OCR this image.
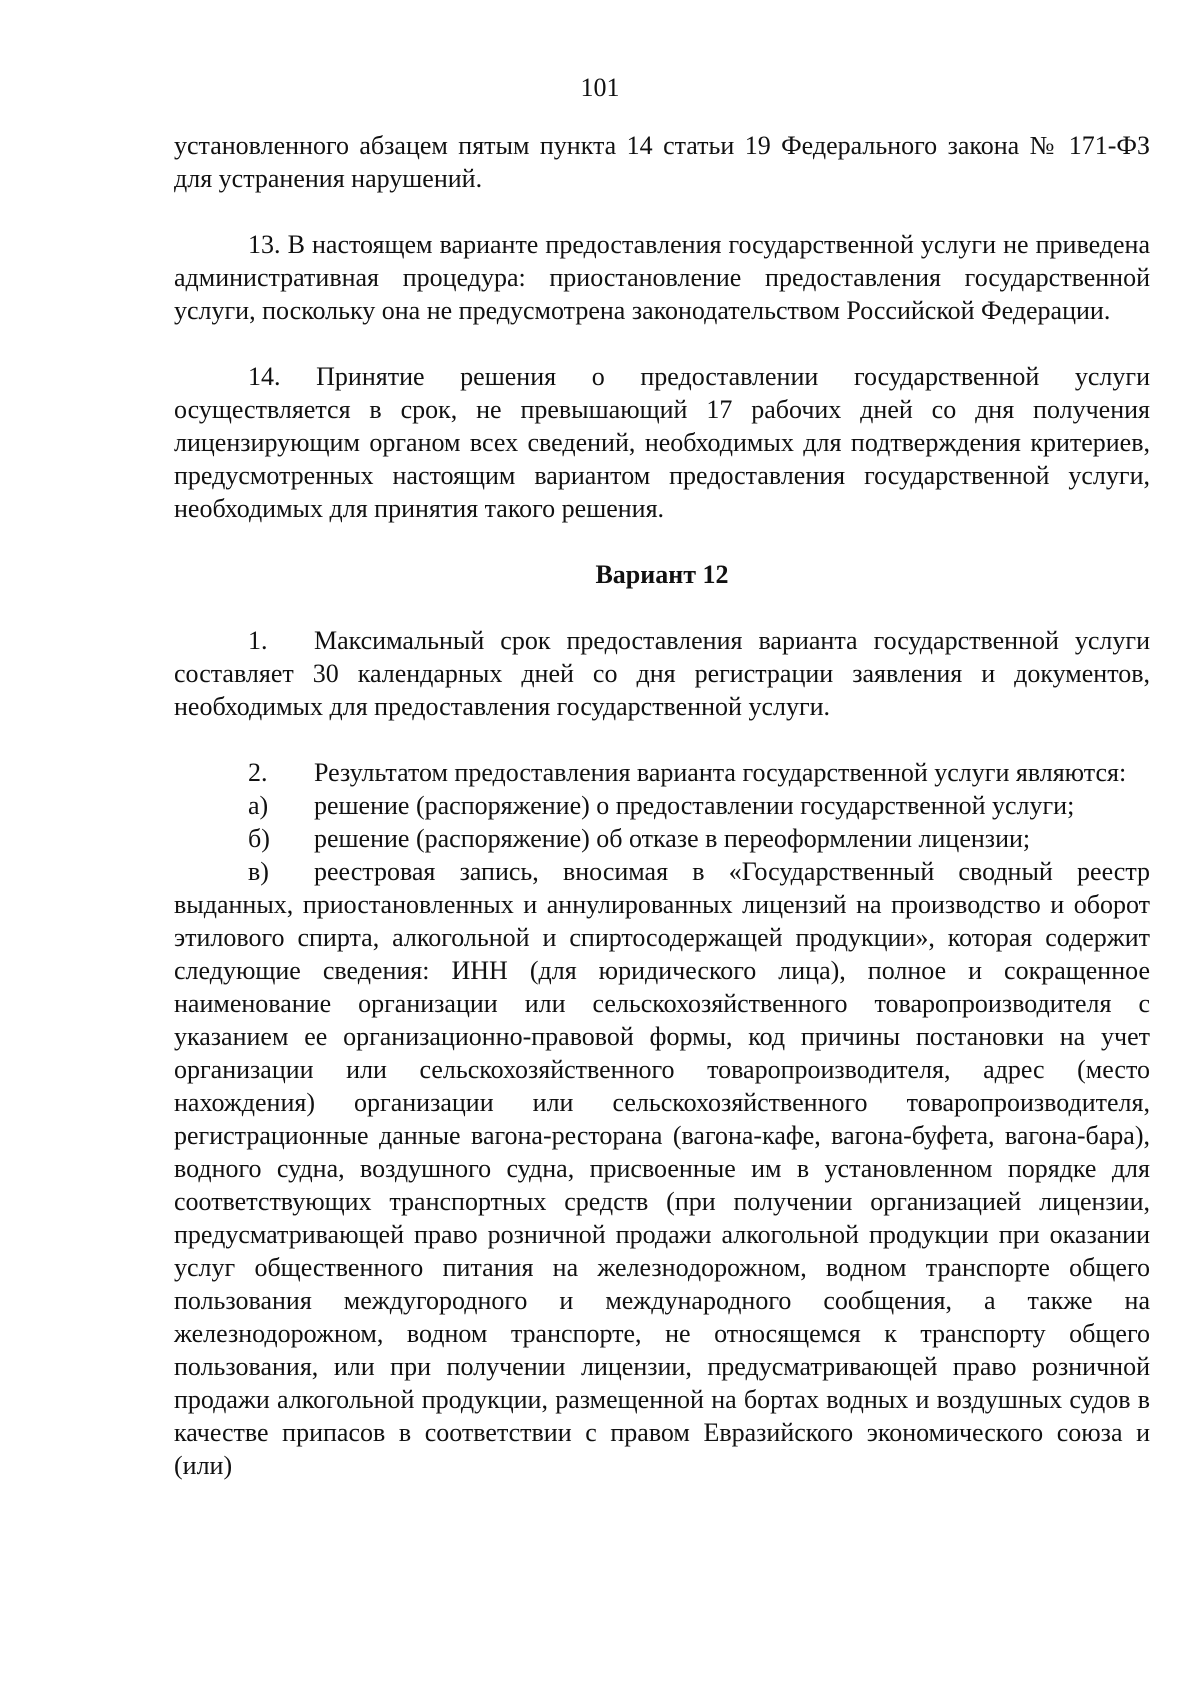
101

установленного абзацем пятым пункта 14 статьи 19 Федерального закона № 171-ФЗ для устранения нарушений.

13. В настоящем варианте предоставления государственной услуги не приведена административная процедура: приостановление предоставления государственной услуги, поскольку она не предусмотрена законодательством Российской Федерации.

14. Принятие решения о предоставлении государственной услуги осуществляется в срок, не превышающий 17 рабочих дней со дня получения лицензирующим органом всех сведений, необходимых для подтверждения критериев, предусмотренных настоящим вариантом предоставления государственной услуги, необходимых для принятия такого решения.

Вариант 12

1. Максимальный срок предоставления варианта государственной услуги составляет 30 календарных дней со дня регистрации заявления и документов, необходимых для предоставления государственной услуги.

2. Результатом предоставления варианта государственной услуги являются:

а) решение (распоряжение) о предоставлении государственной услуги;

б) решение (распоряжение) об отказе в переоформлении лицензии;

в) реестровая запись, вносимая в «Государственный сводный реестр выданных, приостановленных и аннулированных лицензий на производство и оборот этилового спирта, алкогольной и спиртосодержащей продукции», которая содержит следующие сведения: ИНН (для юридического лица), полное и сокращенное наименование организации или сельскохозяйственного товаропроизводителя с указанием ее организационно-правовой формы, код причины постановки на учет организации или сельскохозяйственного товаропроизводителя, адрес (место нахождения) организации или сельскохозяйственного товаропроизводителя, регистрационные данные вагона-ресторана (вагона-кафе, вагона-буфета, вагона-бара), водного судна, воздушного судна, присвоенные им в установленном порядке для соответствующих транспортных средств (при получении организацией лицензии, предусматривающей право розничной продажи алкогольной продукции при оказании услуг общественного питания на железнодорожном, водном транспорте общего пользования междугородного и международного сообщения, а также на железнодорожном, водном транспорте, не относящемся к транспорту общего пользования, или при получении лицензии, предусматривающей право розничной продажи алкогольной продукции, размещенной на бортах водных и воздушных судов в качестве припасов в соответствии с правом Евразийского экономического союза и (или)
